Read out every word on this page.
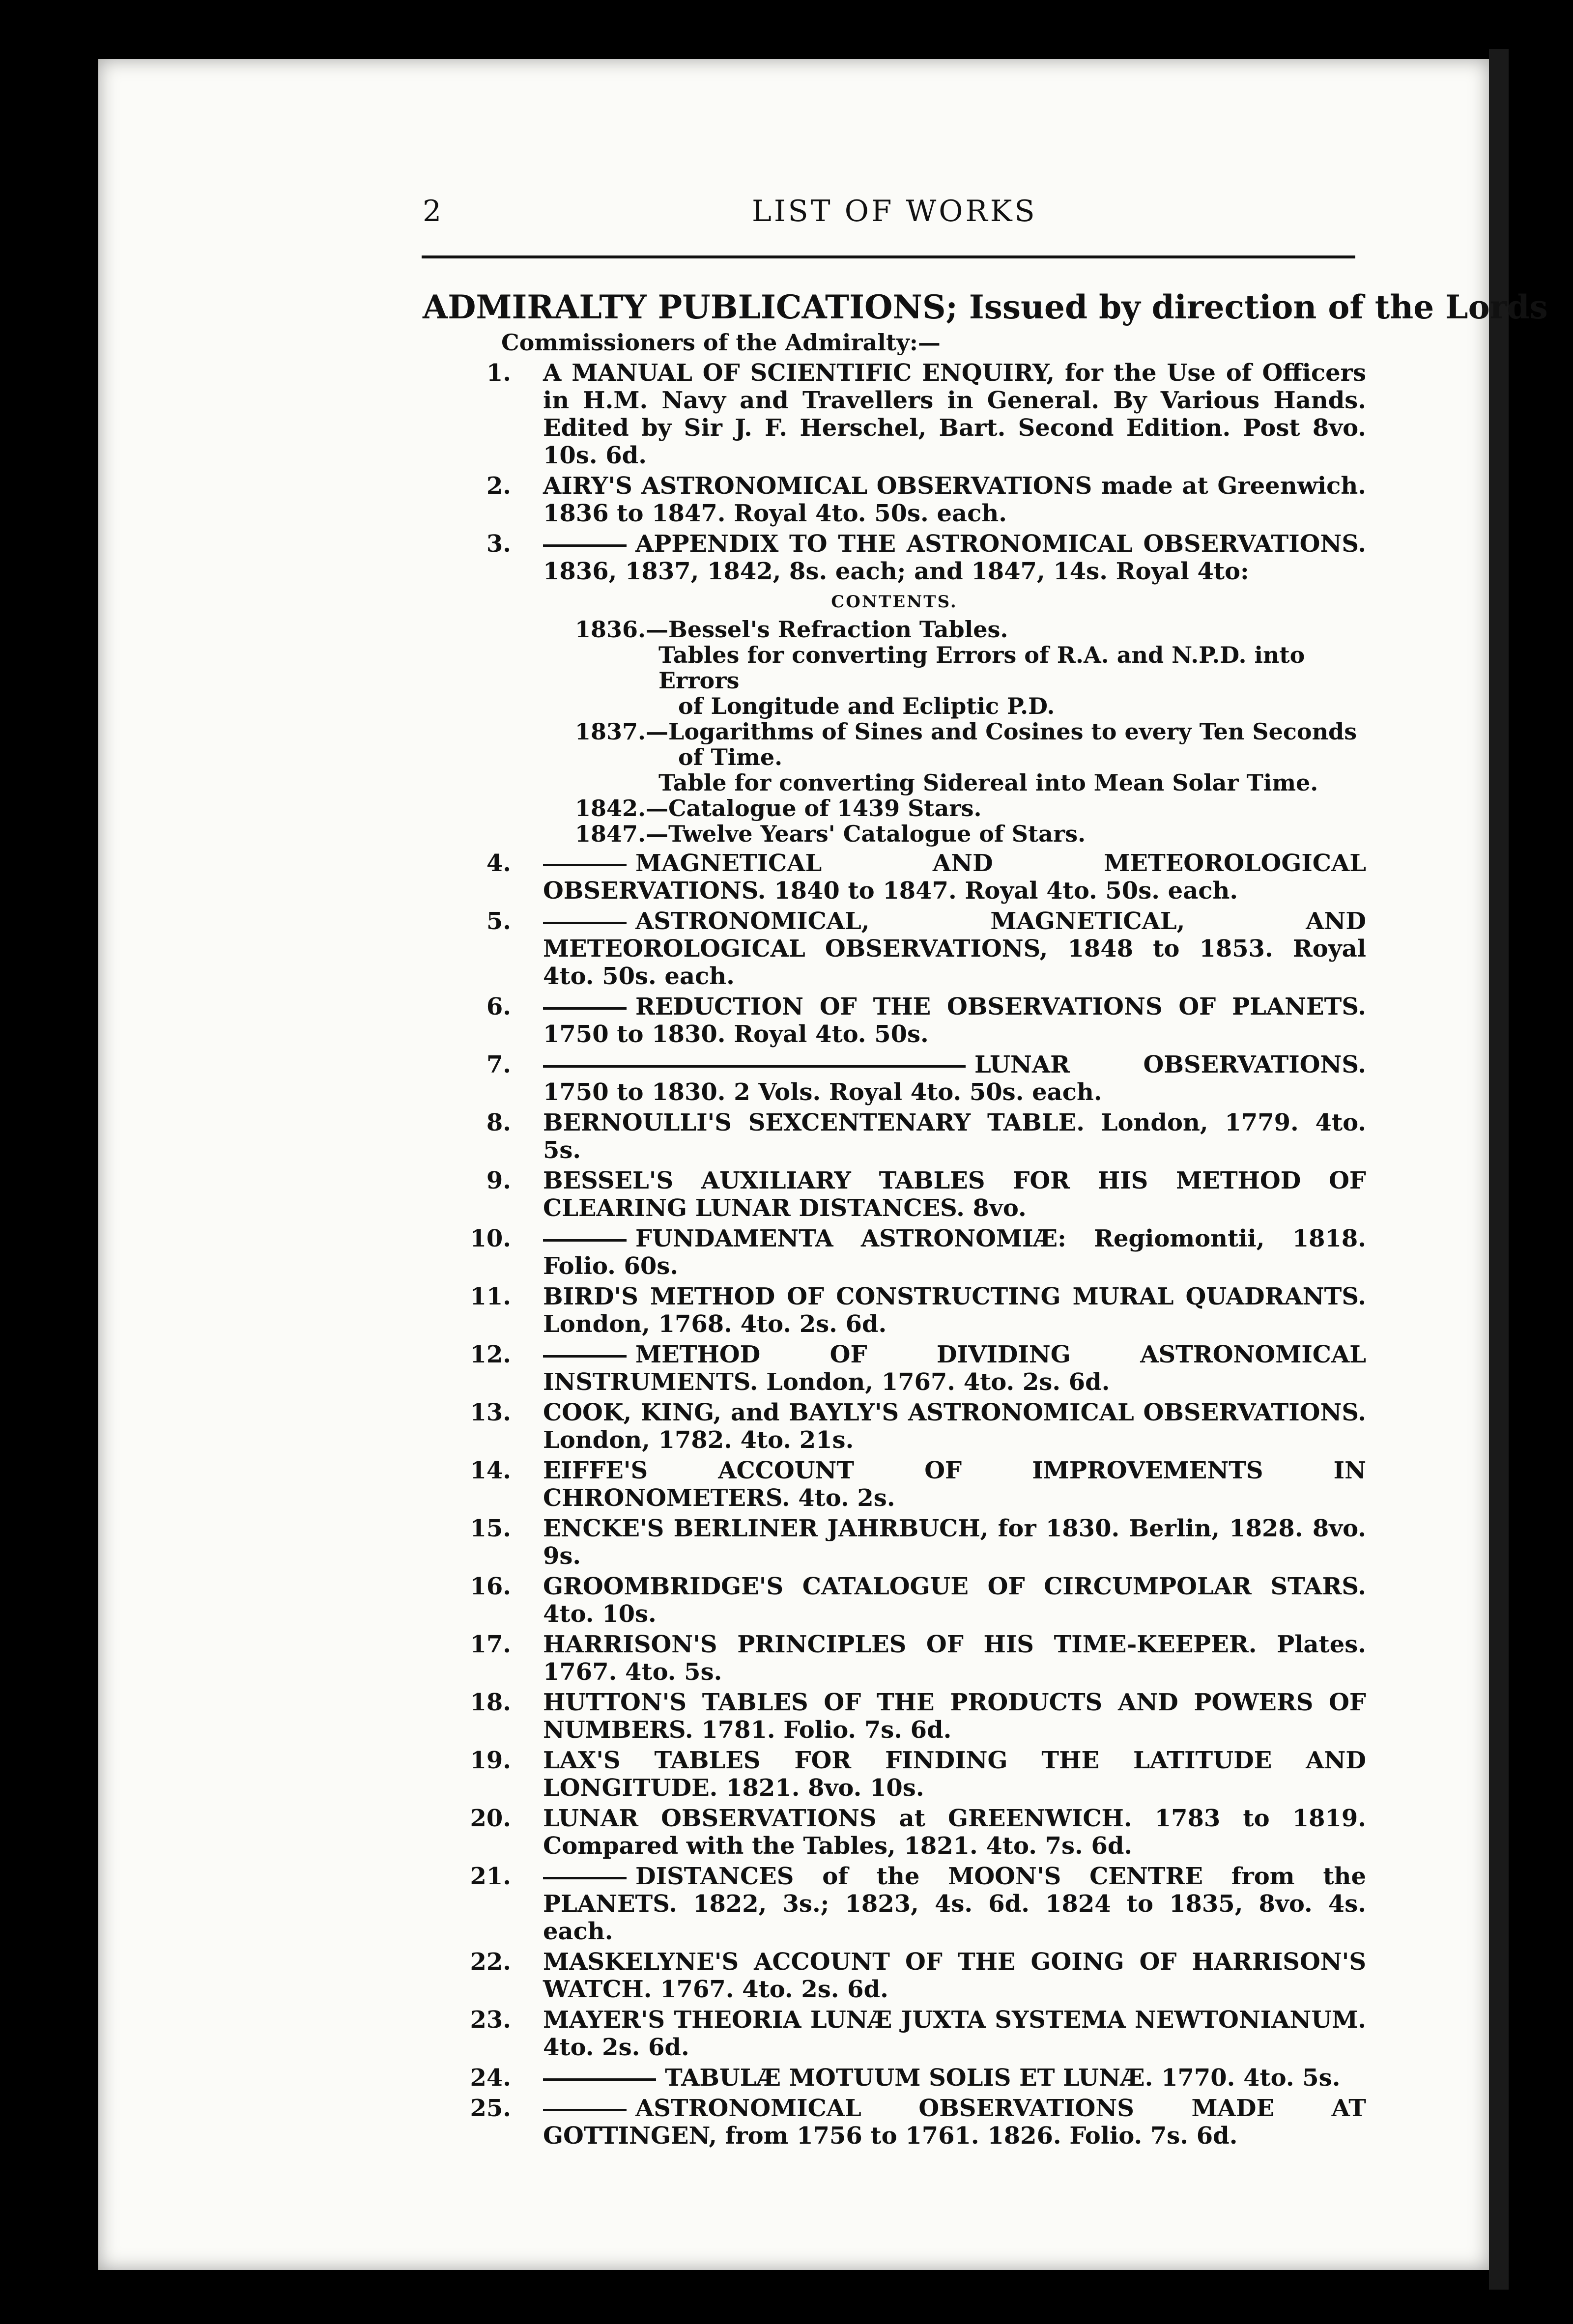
2	LIST OF WORKS

ADMIRALTY PUBLICATIONS; Issued by direction of the Lords

Commissioners of the Admiralty:—
1. A MANUAL OF SCIENTIFIC ENQUIRY, for the Use of Officers in H.M. Navy and Travellers in General. By Various Hands. Edited by Sir J. F. Herschel, Bart. Second Edition. Post 8vo. 10s. 6d.
2. AIRY'S ASTRONOMICAL OBSERVATIONS made at Greenwich. 1836 to 1847. Royal 4to. 50s. each.
3.	APPENDIX TO THE ASTRONOMICAL OBSERVATIONS. 1836, 1837, 1842, 8s. each; and 1847, 14s. Royal 4to:
CONTENTS.
1836.—Bessel's Refraction Tables.
Tables for converting Errors of R.A. and N.P.D. into Errors
of Longitude and Ecliptic P.D.
1837.—Logarithms of Sines and Cosines to every Ten Seconds
of Time.
Table for converting Sidereal into Mean Solar Time.
1842.—Catalogue of 1439 Stars.
1847.—Twelve Years' Catalogue of Stars.
4.	MAGNETICAL AND METEOROLOGICAL OBSERVATIONS. 1840 to 1847. Royal 4to. 50s. each.
5.	ASTRONOMICAL, MAGNETICAL, AND METEOROLOGICAL OBSERVATIONS, 1848 to 1853. Royal 4to. 50s. each.
6.	REDUCTION OF THE OBSERVATIONS OF PLANETS. 1750 to 1830. Royal 4to. 50s.
7.	LUNAR OBSERVATIONS. 1750 to 1830. 2 Vols. Royal 4to. 50s. each.
8. BERNOULLI'S SEXCENTENARY TABLE. London, 1779. 4to. 5s.
9. BESSEL'S AUXILIARY TABLES FOR HIS METHOD OF CLEARING LUNAR DISTANCES. 8vo.
10.	FUNDAMENTA ASTRONOMIÆ: Regiomontii, 1818. Folio. 60s.
11. BIRD'S METHOD OF CONSTRUCTING MURAL QUADRANTS. London, 1768. 4to. 2s. 6d.
12.	METHOD OF DIVIDING ASTRONOMICAL INSTRUMENTS. London, 1767. 4to. 2s. 6d.
13. COOK, KING, and BAYLY'S ASTRONOMICAL OBSERVATIONS. London, 1782. 4to. 21s.
14. EIFFE'S ACCOUNT OF IMPROVEMENTS IN CHRONOMETERS. 4to. 2s.
15. ENCKE'S BERLINER JAHRBUCH, for 1830. Berlin, 1828. 8vo. 9s.
16. GROOMBRIDGE'S CATALOGUE OF CIRCUMPOLAR STARS. 4to. 10s.
17. HARRISON'S PRINCIPLES OF HIS TIME-KEEPER. Plates. 1767. 4to. 5s.
18. HUTTON'S TABLES OF THE PRODUCTS AND POWERS OF NUMBERS. 1781. Folio. 7s. 6d.
19. LAX'S TABLES FOR FINDING THE LATITUDE AND LONGITUDE. 1821. 8vo. 10s.
20. LUNAR OBSERVATIONS at GREENWICH. 1783 to 1819. Compared with the Tables, 1821. 4to. 7s. 6d.
21.	DISTANCES of the MOON'S CENTRE from the PLANETS. 1822, 3s.; 1823, 4s. 6d. 1824 to 1835, 8vo. 4s. each.
22. MASKELYNE'S ACCOUNT OF THE GOING OF HARRISON'S WATCH. 1767. 4to. 2s. 6d.
23. MAYER'S THEORIA LUNÆ JUXTA SYSTEMA NEWTONIANUM. 4to. 2s. 6d.
24.	TABULÆ MOTUUM SOLIS ET LUNÆ. 1770. 4to. 5s.
25.	ASTRONOMICAL OBSERVATIONS MADE AT GOTTINGEN, from 1756 to 1761. 1826. Folio. 7s. 6d.
